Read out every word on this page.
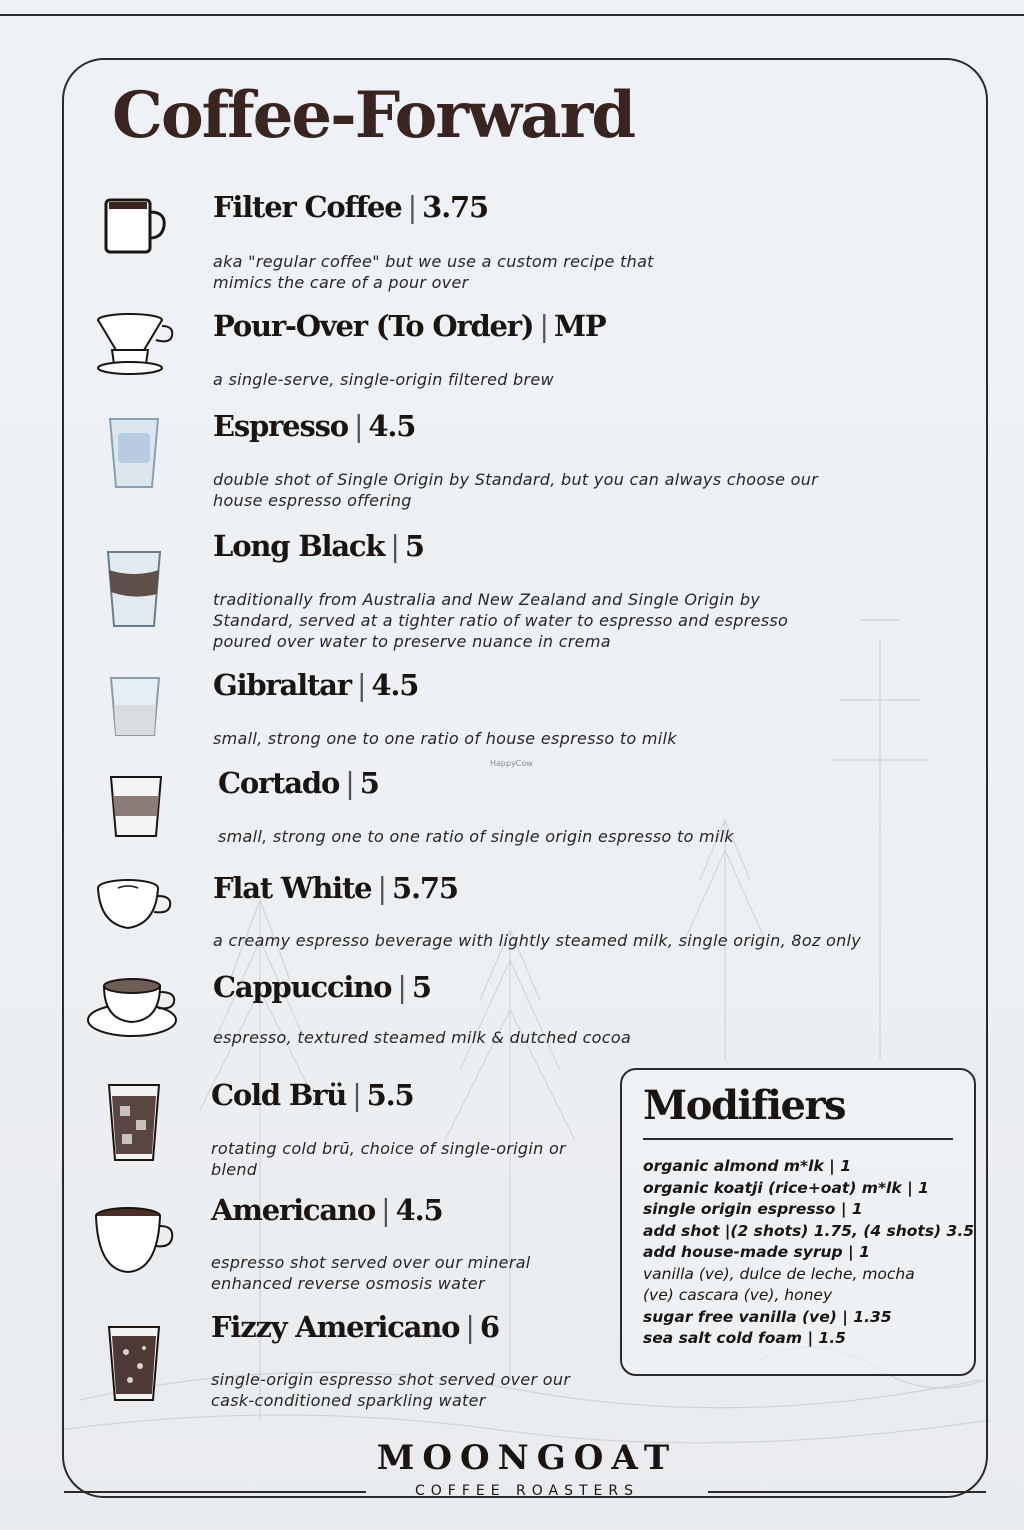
Coffee-Forward
Filter Coffee | 3.75

aka "regular coffee" but we use a custom recipe that mimics the care of a pour over

Pour-Over (To Order) | MP

a single-serve, single-origin filtered brew

Espresso | 4.5

double shot of Single Origin by Standard, but you can always choose our house espresso offering

Long Black | 5

traditionally from Australia and New Zealand and Single Origin by Standard, served at a tighter ratio of water to espresso and espresso poured over water to preserve nuance in crema

Gibraltar | 4.5

small, strong one to one ratio of house espresso to milk

Cortado | 5

small, strong one to one ratio of single origin espresso to milk

Flat White | 5.75

a creamy espresso beverage with lightly steamed milk, single origin, 8oz only

Cappuccino | 5

espresso, textured steamed milk & dutched cocoa

Cold Brü | 5.5

rotating cold brū, choice of single-origin or blend

Americano | 4.5

espresso shot served over our mineral enhanced reverse osmosis water

Fizzy Americano | 6

single-origin espresso shot served over our cask-conditioned sparkling water

Modifiers
organic almond m*lk | 1
organic koatji (rice+oat) m*lk | 1
single origin espresso | 1
add shot |(2 shots) 1.75, (4 shots) 3.5
add house-made syrup | 1
vanilla (ve), dulce de leche, mocha
(ve) cascara (ve), honey
sugar free vanilla (ve) | 1.35
sea salt cold foam | 1.5
HappyCow
MOONGOAT
COFFEE ROASTERS
